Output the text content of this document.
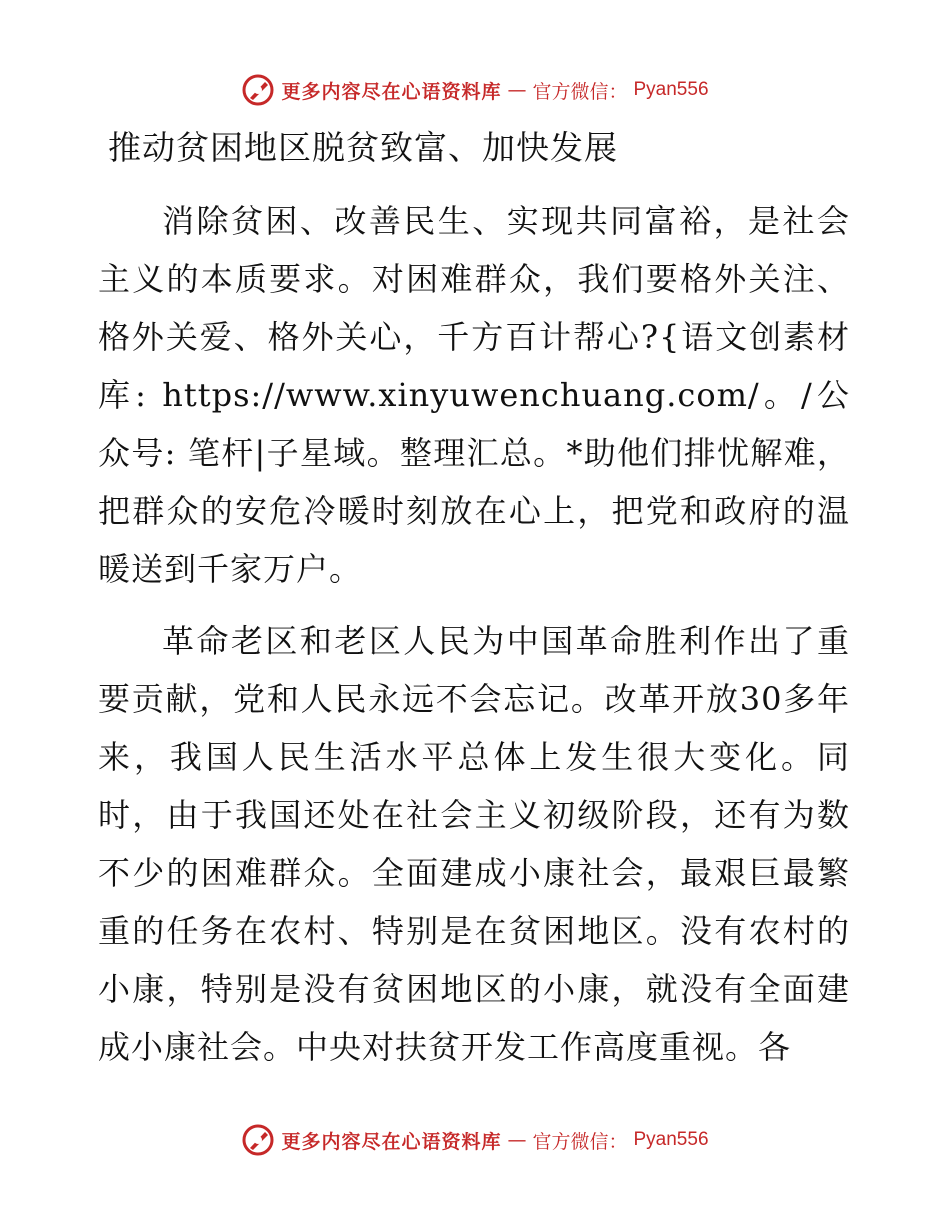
更多内容尽在心语资料库 — 官方微信： Pyan556
推动贫困地区脱贫致富、加快发展

消除贫困、改善民生、实现共同富裕，是社会主义的本质要求。对困难群众，我们要格外关注、格外关爱、格外关心，千方百计帮心?{语文创素材库: https://www.xinyuwenchuang.com/。/公众号: 笔杆|子星域。整理汇总。*助他们排忧解难，把群众的安危冷暖时刻放在心上，把党和政府的温暖送到千家万户。

革命老区和老区人民为中国革命胜利作出了重要贡献，党和人民永远不会忘记。改革开放30多年来，我国人民生活水平总体上发生很大变化。同时，由于我国还处在社会主义初级阶段，还有为数不少的困难群众。全面建成小康社会，最艰巨最繁重的任务在农村、特别是在贫困地区。没有农村的小康，特别是没有贫困地区的小康，就没有全面建成小康社会。中央对扶贫开发工作高度重视。各

更多内容尽在心语资料库 — 官方微信： Pyan556
